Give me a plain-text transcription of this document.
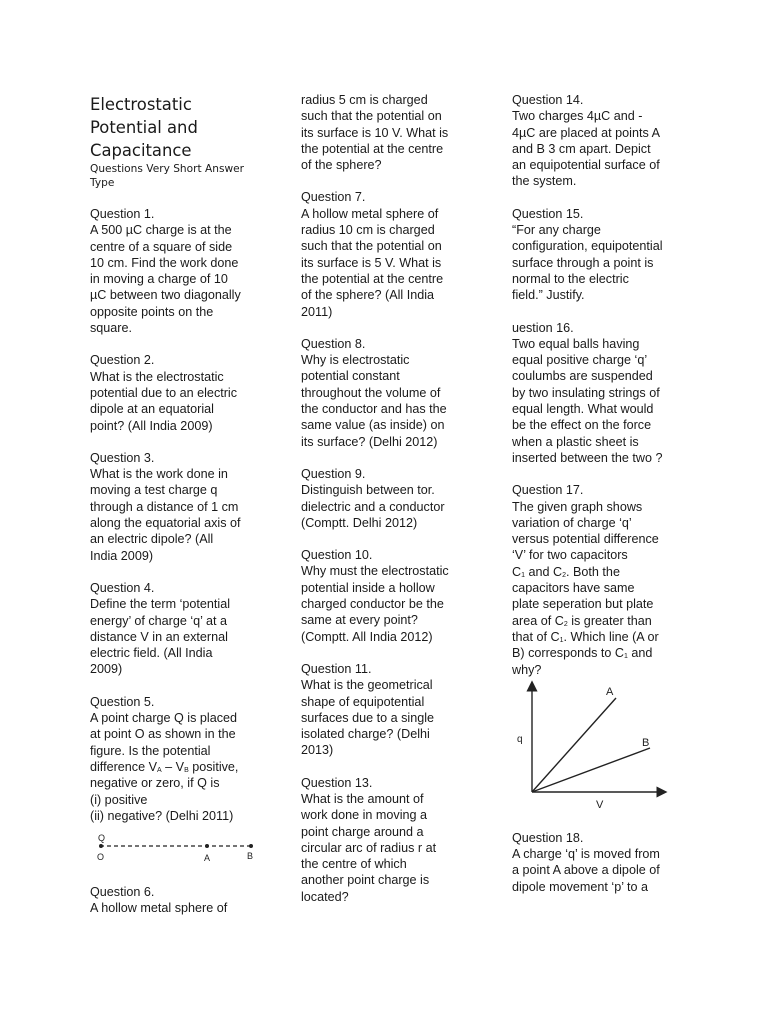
Electrostatic
Potential and
Capacitance
Questions Very Short Answer
Type
Question 1.
A 500 µC charge is at the
centre of a square of side
10 cm. Find the work done
in moving a charge of 10
µC between two diagonally
opposite points on the
square.
Question 2.
What is the electrostatic
potential due to an electric
dipole at an equatorial
point? (All India 2009)
Question 3.
What is the work done in
moving a test charge q
through a distance of 1 cm
along the equatorial axis of
an electric dipole? (All
India 2009)
Question 4.
Define the term ‘potential
energy’ of charge ‘q’ at a
distance V in an external
electric field. (All India
2009)
Question 5.
A point charge Q is placed
at point O as shown in the
figure. Is the potential
difference $V_A - V_B$ positive,
negative or zero, if Q is
(i) positive
(ii) negative? (Delhi 2011)
Q
O	A	B
Question 6.
A hollow metal sphere of
radius 5 cm is charged
such that the potential on
its surface is 10 V. What is
the potential at the centre
of the sphere?
Question 7.
A hollow metal sphere of
radius 10 cm is charged
such that the potential on
its surface is 5 V. What is
the potential at the centre
of the sphere? (All India
2011)
Question 8.
Why is electrostatic
potential constant
throughout the volume of
the conductor and has the
same value (as inside) on
its surface? (Delhi 2012)
Question 9.
Distinguish between tor.
dielectric and a conductor
(Comptt. Delhi 2012)
Question 10.
Why must the electrostatic
potential inside a hollow
charged conductor be the
same at every point?
(Comptt. All India 2012)
Question 11.
What is the geometrical
shape of equipotential
surfaces due to a single
isolated charge? (Delhi
2013)
Question 13.
What is the amount of
work done in moving a
point charge around a
circular arc of radius r at
the centre of which
another point charge is
located?
Question 14.
Two charges 4µC and -
4µC are placed at points A
and B 3 cm apart. Depict
an equipotential surface of
the system.
Question 15.
“For any charge
configuration, equipotential
surface through a point is
normal to the electric
field.” Justify.
uestion 16.
Two equal balls having
equal positive charge ‘q’
coulumbs are suspended
by two insulating strings of
equal length. What would
be the effect on the force
when a plastic sheet is
inserted between the two ?
Question 17.
The given graph shows
variation of charge ‘q’
versus potential difference
‘V’ for two capacitors
$C_1$ and $C_2$. Both the
capacitors have same
plate seperation but plate
area of $C_2$ is greater than
that of $C_1$. Which line (A or
B) corresponds to $C_1$ and
why?
A
B
q
V
Question 18.
A charge ‘q’ is moved from
a point A above a dipole of
dipole movement ‘p’ to a
